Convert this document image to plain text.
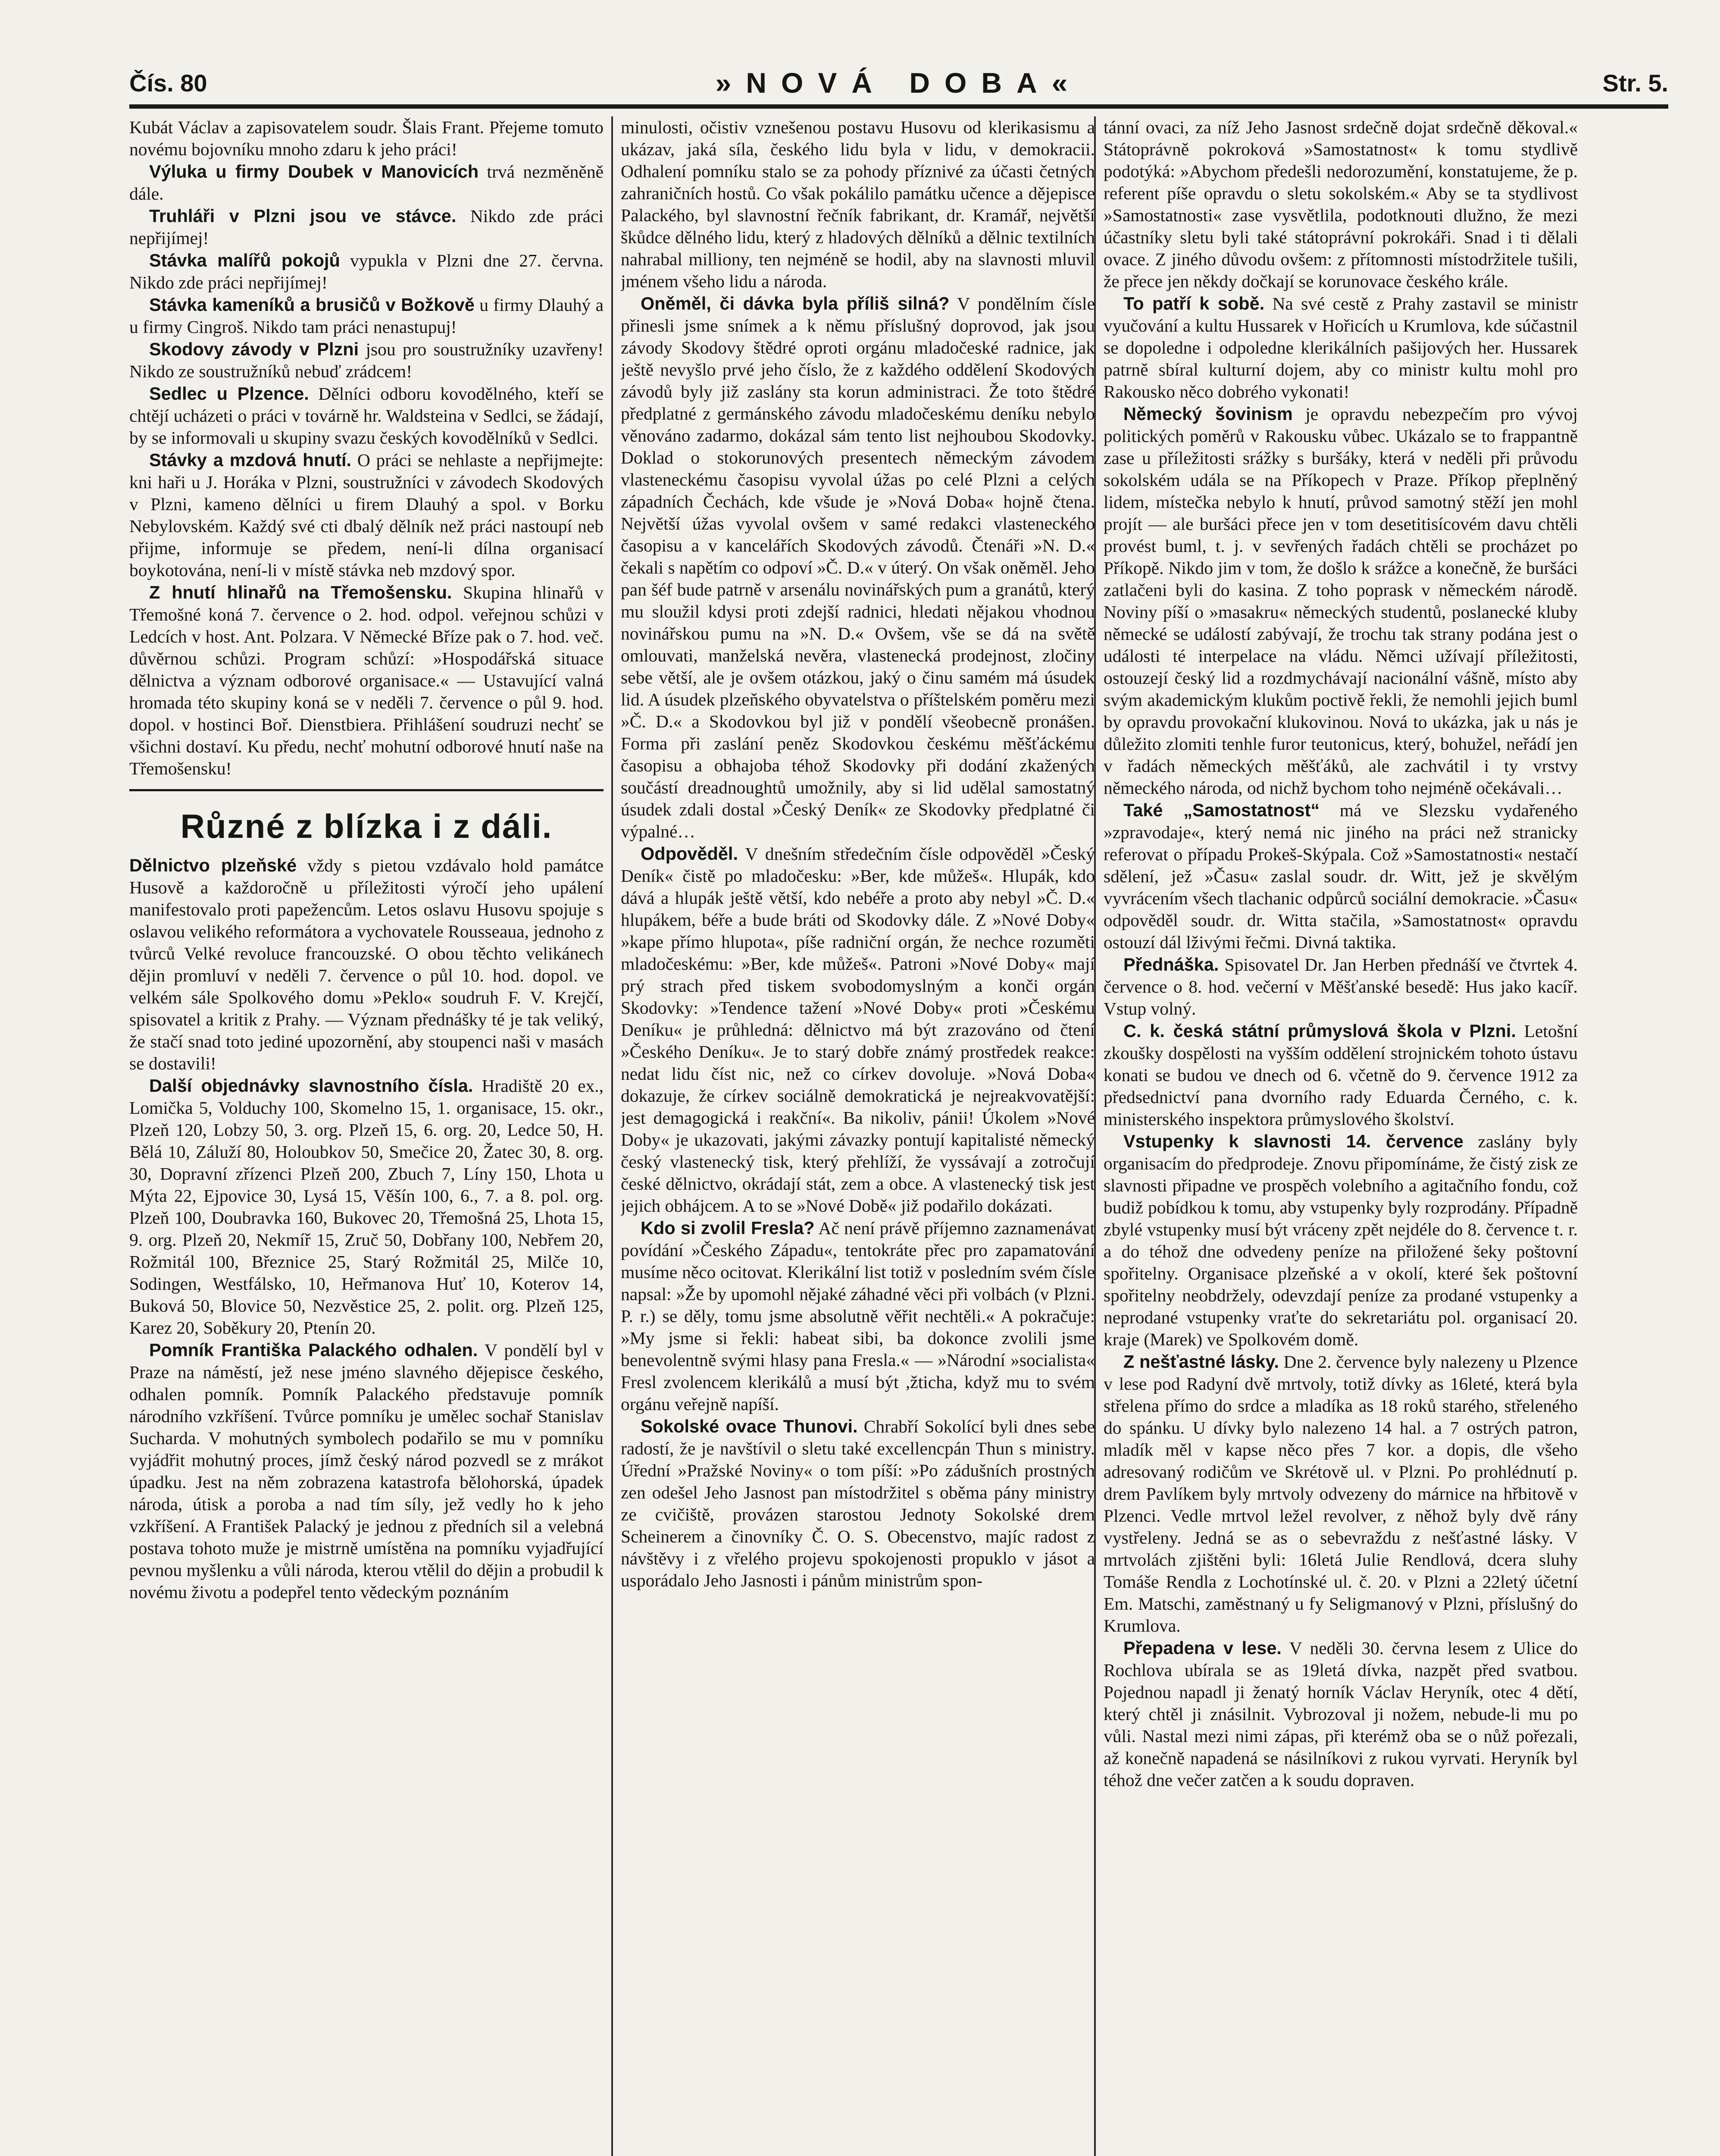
Čís. 80	»NOVÁ DOBA«	Str. 5.

Kubát Václav a zapisovatelem soudr. Šlais Frant. Přejeme tomuto novému bojovníku mnoho zdaru k jeho práci!

Výluka u firmy Doubek v Manovicích trvá nezměněně dále.

Truhláři v Plzni jsou ve stávce. Nikdo zde práci nepřijímej!

Stávka malířů pokojů vypukla v Plzni dne 27. června. Nikdo zde práci nepřijímej!

Stávka kameníků a brusičů v Božkově u firmy Dlauhý a u firmy Cingroš. Nikdo tam práci nenastupuj!

Skodovy závody v Plzni jsou pro soustružníky uzavřeny! Nikdo ze soustružníků nebuď zrádcem!

Sedlec u Plzence. Dělníci odboru kovodělného, kteří se chtějí ucházeti o práci v továrně hr. Waldsteina v Sedlci, se žádají, by se informovali u skupiny svazu českých kovodělníků v Sedlci.

Stávky a mzdová hnutí. O práci se nehlaste a nepřijmejte: kni haři u J. Horáka v Plzni, soustružníci v závodech Skodových v Plzni, kameno dělníci u firem Dlauhý a spol. v Borku Nebylovském. Každý své cti dbalý dělník než práci nastoupí neb přijme, informuje se předem, není-li dílna organisací boykotována, není-li v místě stávka neb mzdový spor.

Z hnutí hlinařů na Třemošensku. Skupina hlinařů v Třemošné koná 7. července o 2. hod. odpol. veřejnou schůzi v Ledcích v host. Ant. Polzara. V Německé Bříze pak o 7. hod. več. důvěrnou schůzi. Program schůzí: »Hospodářská situace dělnictva a význam odborové organisace.« — Ustavující valná hromada této skupiny koná se v neděli 7. července o půl 9. hod. dopol. v hostinci Boř. Dienstbiera. Přihlášení soudruzi nechť se všichni dostaví. Ku předu, nechť mohutní odborové hnutí naše na Třemošensku!

Různé z blízka i z dáli.

Dělnictvo plzeňské vždy s pietou vzdávalo hold památce Husově a každoročně u příležitosti výročí jeho upálení manifestovalo proti papežencům. Letos oslavu Husovu spojuje s oslavou velikého reformátora a vychovatele Rousseaua, jednoho z tvůrců Velké revoluce francouzské. O obou těchto velikánech dějin promluví v neděli 7. července o půl 10. hod. dopol. ve velkém sále Spolkového domu »Peklo« soudruh F. V. Krejčí, spisovatel a kritik z Prahy. — Význam přednášky té je tak veliký, že stačí snad toto jediné upozornění, aby stoupenci naši v masách se dostavili!

Další objednávky slavnostního čísla. Hradiště 20 ex., Lomička 5, Volduchy 100, Skomelno 15, 1. organisace, 15. okr., Plzeň 120, Lobzy 50, 3. org. Plzeň 15, 6. org. 20, Ledce 50, H. Bělá 10, Záluží 80, Holoubkov 50, Smečice 20, Žatec 30, 8. org. 30, Dopravní zřízenci Plzeň 200, Zbuch 7, Líny 150, Lhota u Mýta 22, Ejpovice 30, Lysá 15, Věšín 100, 6., 7. a 8. pol. org. Plzeň 100, Doubravka 160, Bukovec 20, Třemošná 25, Lhota 15, 9. org. Plzeň 20, Nekmíř 15, Zruč 50, Dobřany 100, Nebřem 20, Rožmitál 100, Březnice 25, Starý Rožmitál 25, Milče 10, Sodingen, Westfálsko, 10, Heřmanova Huť 10, Koterov 14, Buková 50, Blovice 50, Nezvěstice 25, 2. polit. org. Plzeň 125, Karez 20, Soběkury 20, Ptenín 20.

Pomník Františka Palackého odhalen. V pondělí byl v Praze na náměstí, jež nese jméno slavného dějepisce českého, odhalen pomník. Pomník Palackého představuje pomník národního vzkříšení. Tvůrce pomníku je umělec sochař Stanislav Suchardа. V mohutných symbolech podařilo se mu v pomníku vyjádřit mohutný proces, jímž český národ pozvedl se z mrákot úpadku. Jest na něm zobrazena katastrofa bělohorská, úpadek národa, útisk a poroba a nad tím síly, jež vedly ho k jeho vzkříšení. A František Palacký je jednou z předních sil a velebná postava tohoto muže je mistrně umístěna na pomníku vyjadřující pevnou myšlenku a vůli národa, kterou vtělil do dějin a probudil k novému životu a podepřel tento vědeckým poznáním

minulosti, očistiv vznešenou postavu Husovu od klerikasismu a ukázav, jaká síla, českého lidu byla v lidu, v demokracii. Odhalení pomníku stalo se za pohody příznivé za účasti četných zahraničních hostů. Co však pokálilo památku učence a dějepisce Palackého, byl slavnostní řečník fabrikant, dr. Kramář, největší škůdce dělného lidu, který z hladových dělníků a dělnic textilních nahrabal milliony, ten nejméně se hodil, aby na slavnosti mluvil jménem všeho lidu a národa.

Oněměl, či dávka byla příliš silná? V pondělním čísle přinesli jsme snímek a k němu příslušný doprovod, jak jsou závody Skodovy štědré oproti orgánu mladočeské radnice, jak ještě nevyšlo prvé jeho číslo, že z každého oddělení Skodových závodů byly již zaslány sta korun administraci. Že toto štědré předplatné z germánského závodu mladočeskému deníku nebylo věnováno zadarmo, dokázal sám tento list nejhoubou Skodovky. Doklad o stokorunových presentech německým závodem vlastenеckému časopisu vyvolal úžas po celé Plzni a celých západních Čechách, kde všude je »Nová Doba« hojně čtena. Největší úžas vyvolal ovšem v samé redakci vlasteneckého časopisu a v kancelářích Skodových závodů. Čtenáři »N. D.« čekali s napětím co odpoví »Č. D.« v úterý. On však oněměl. Jeho pan šéf bude patrně v arsenálu novinářských pum a granátů, který mu sloužil kdysi proti zdejší radnici, hledati nějakou vhodnou novinářskou pumu na »N. D.« Ovšem, vše se dá na světě omlouvati, manželská nevěra, vlastenecká prodejnost, zločiny sebe větší, ale je ovšem otázkou, jaký o činu samém má úsudek lid. A úsudek plzeňského obyvatelstva o příštelském poměru mezi »Č. D.« a Skodovkou byl již v pondělí všeobecně pronášen. Forma při zaslání peněz Skodovkou českému měšťáckému časopisu a obhajoba téhož Skodovky při dodání zkažených součástí dreadnoughtů umožnily, aby si lid udělal samostatný úsudek zdali dostal »Český Deník« ze Skodovky předplatné či výpalné…

Odpověděl. V dnešním středečním čísle odpověděl »Český Deník« čistě po mladočesku: »Ber, kde můžeš«. Hlupák, kdo dává a hlupák ještě větší, kdo nebéře a proto aby nebyl »Č. D.« hlupákem, béře a bude bráti od Skodovky dále. Z »Nové Doby« »kape přímo hlupota«, píše radniční orgán, že nechce rozuměti mladočeskému: »Ber, kde můžeš«. Patroni »Nové Doby« mají prý strach před tiskem svobodomyslným a konči orgán Skodovky: »Tendence tažení »Nové Doby« proti »Českému Deníku« je průhledná: dělnictvo má být zrazováno od čtení »Českého Deníku«. Je to starý dobře známý prostředek reakce: nedat lidu číst nic, než co církev dovoluje. »Nová Doba« dokazuje, že církev sociálně demokratická je nejreakvovatější: jest demagogická i reakční«. Ba nikoliv, pánii! Úkolem »Nové Doby« je ukazovati, jakými závazky pontují kapitalisté německý český vlastenecký tisk, který přehlíží, že vyssávají a zotročují české dělnictvo, okrádají stát, zem a obce. A vlastenecký tisk jest jejich obhájcem. A to se »Nové Době« již podařilo dokázati.

Kdo si zvolil Fresla? Ač není právě příjemno zaznamenávat povídání »Českého Západu«, tentokráte přec pro zapamatování musíme něco ocitovat. Klerikální list totiž v posledním svém čísle napsal: »Že by upomohl nějaké záhadné věci při volbách (v Plzni. P. r.) se děly, tomu jsme absolutně věřit nechtěli.« A pokračuje: »My jsme si řekli: habeat sibi, ba dokonce zvolili jsme benevolentně svými hlasy pana Fresla.« — »Národní »socialista« Fresl zvolencem klerikálů a musí být ,žticha, když mu to svém orgánu veřejně napíší.

Sokolské ovace Thunovi. Chrabří Sokolící byli dnes sebe radostí, že je navštívil o sletu také excellencpán Thun s ministry. Úřední »Pražské Noviny« o tom píší: »Po zádušních prostných zen odešel Jeho Jasnost pan místodržitel s oběma pány ministry ze cvičiště, provázen starostou Jednoty Sokolské drem Scheinerem a činovníky Č. O. S. Obecenstvo, majíc radost z návštěvy i z vřelého projevu spokojenosti propuklo v jásot a usporádalo Jeho Jasnosti i pánům ministrům spon-

tánní ovaci, za níž Jeho Jasnost srdečně dojat srdečně děkoval.« Státoprávně pokroková »Samostatnost« k tomu stydlivě podotýká: »Abychom předešli nedorozumění, konstatujeme, že p. referent píše opravdu o sletu sokolském.« Aby se ta stydlivost »Samostatnosti« zase vysvětlila, podotknouti dlužno, že mezi účastníky sletu byli také státoprávní pokrokáři. Snad i ti dělali ovace. Z jiného důvodu ovšem: z přítomnosti místodržitele tušili, že přece jen někdy dočkají se korunovace českého krále.

To patří k sobě. Na své cestě z Prahy zastavil se ministr vyučování a kultu Hussarek v Hořicích u Krumlova, kde súčastnil se dopoledne i odpoledne klerikálních pašijových her. Hussarek patrně sbíral kulturní dojem, aby co ministr kultu mohl pro Rakousko něco dobrého vykonati!

Německý šovinism je opravdu nebezpečím pro vývoj politických poměrů v Rakousku vůbec. Ukázalo se to frappantně zase u příležitosti srážky s buršáky, která v neděli při průvodu sokolském udála se na Příkopech v Praze. Příkop přeplněný lidem, místečka nebylo k hnutí, průvod samotný stěží jen mohl projít — ale buršácі přece jen v tom desetitisícovém davu chtěli provést buml, t. j. v sevřených řadách chtěli se procházet po Příkopě. Nikdo jim v tom, že došlo k srážce a konečně, že buršáci zatlačeni byli do kasina. Z toho poprask v německém národě. Noviny píší o »masakru« německých studentů, poslanecké kluby německé se událostí zabývají, že trochu tak strany podána jest o události té interpelace na vládu. Němci užívají příležitosti, ostouzejí český lid a rozdmychávají nacionální vášně, místo aby svým akademickým klukům poctivě řekli, že nemohli jejich buml by opravdu provokační klukovinou. Nová to ukázka, jak u nás je důležito zlomiti tenhle furor teutonicus, který, bohužel, neřádí jen v řadách německých měšťáků, ale zachvátil i ty vrstvy německého národa, od nichž bychom toho nejméně očekávali…

Také „Samostatnost“ má ve Slezsku vydařeného »zpravodaje«, který nemá nic jiného na práci než stranicky referovat o případu Prokeš-Skýpala. Což »Samostatnosti« nestačí sdělení, jež »Času« zaslal soudr. dr. Witt, jež je skvělým vyvrácením všech tlachanic odpůrců sociální demokracie. »Času« odpověděl soudr. dr. Witta stačila, »Samostatnost« opravdu ostouzí dál lživými řečmi. Divná taktika.

Přednáška. Spisovatel Dr. Jan Herben přednáší ve čtvrtek 4. července o 8. hod. večerní v Měšťanské besedě: Hus jako kacíř. Vstup volný.

C. k. česká státní průmyslová škola v Plzni. Letošní zkoušky dospělosti na vyšším oddělení strojnickém tohoto ústavu konati se budou ve dnech od 6. včetně do 9. července 1912 za předsednictví pana dvorního rady Eduarda Černého, c. k. ministerského inspektora průmyslového školství.

Vstupenky k slavnosti 14. července zaslány byly organisacím do předprodeje. Znovu připomínáme, že čistý zisk ze slavnosti připadne ve prospěch volebního a agitačního fondu, což budiž pobídkou k tomu, aby vstupenky byly rozprodány. Případně zbylé vstupenky musí být vráceny zpět nejdéle do 8. července t. r. a do téhož dne odvedeny peníze na přiložené šeky poštovní spořitelny. Organisace plzeňské a v okolí, které šek poštovní spořitelny neobdržely, odevzdají peníze za prodané vstupenky a neprodané vstupenky vraťte do sekretariátu pol. organisací 20. kraje (Marek) ve Spolkovém domě.

Z nešťastné lásky. Dne 2. července byly nalezeny u Plzence v lese pod Radyní dvě mrtvoly, totiž dívky as 16leté, která byla střelena přímo do srdce a mladíka as 18 roků starého, střeleného do spánku. U dívky bylo nalezeno 14 hal. a 7 ostrých patron, mladík měl v kapse něco přes 7 kor. a dopis, dle všeho adresovaný rodičům ve Skrétově ul. v Plzni. Po prohlédnutí p. drem Pavlíkem byly mrtvoly odvezeny do márnice na hřbitově v Plzenci. Vedle mrtvol ležel revolver, z něhož byly dvě rány vystřeleny. Jedná se as o sebevraždu z nešťastné lásky. V mrtvolách zjištěni byli: 16letá Julie Rendlová, dcera sluhy Tomáše Rendla z Lochotínské ul. č. 20. v Plzni a 22letý účetní Em. Matschi, zaměstnaný u fy Seligmanový v Plzni, příslušný do Krumlova.

Přepadena v lese. V neděli 30. června lesem z Ulice do Rochlova ubírala se as 19letá dívka, nazpět před svatbou. Pojednou napadl ji ženatý horník Václav Heryník, otec 4 dětí, který chtěl ji znásilnit. Vybrozoval ji nožem, nebude-li mu po vůli. Nastal mezi nimi zápas, při kterémž oba se o nůž pořezali, až konečně napadená se násilníkovi z rukou vyrvati. Heryník byl téhož dne večer zatčen a k soudu dopraven.
